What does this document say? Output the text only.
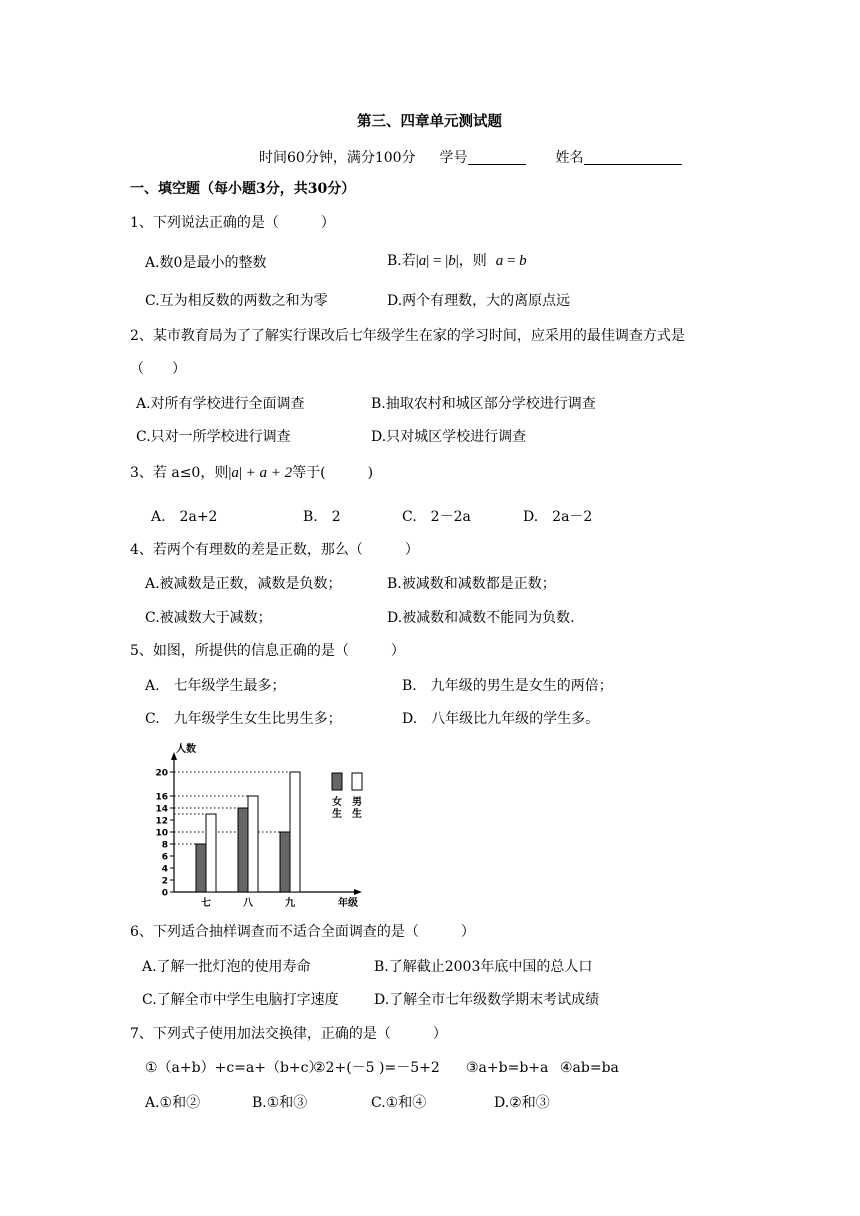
第三、四章单元测试题
时间60分钟，满分100分 学号	姓名
一、填空题（每小题3分，共30分）
1、下列说法正确的是（　　　）
A.数0是最小的整数	B.若|a| = |b|，则 a = b
C.互为相反数的两数之和为零	D.两个有理数，大的离原点远
2、某市教育局为了了解实行课改后七年级学生在家的学习时间，应采用的最佳调查方式是
（　　）
A.对所有学校进行全面调查	B.抽取农村和城区部分学校进行调查
C.只对一所学校进行调查	D.只对城区学校进行调查
3、若 a≤0，则|a| + a + 2等于(　　　)
A.　2a+2	B.　2	C.　2－2a	D.　2a－2
4、若两个有理数的差是正数，那么（　　　）
A.被减数是正数，减数是负数；	B.被减数和减数都是正数；
C.被减数大于减数；	D.被减数和减数不能同为负数.
5、如图，所提供的信息正确的是（　　　）
A.　七年级学生最多；	B.　九年级的男生是女生的两倍；
C.　九年级学生女生比男生多；	D.　八年级比九年级的学生多。
0
2
4
6
8
10
12
14
16
20
七	八	九
人数
年级
女
生
男
生
6、下列适合抽样调查而不适合全面调查的是（　　　）
A.了解一批灯泡的使用寿命	B.了解截止2003年底中国的总人口
C.了解全市中学生电脑打字速度	D.了解全市七年级数学期末考试成绩
7、下列式子使用加法交换律，正确的是（　　　）
①（a+b）+c=a+（b+c）
②2+(－5 )=－5+2 ③a+b=b+a ④ab=ba
A.①和②	B.①和③	C.①和④	D.②和③
